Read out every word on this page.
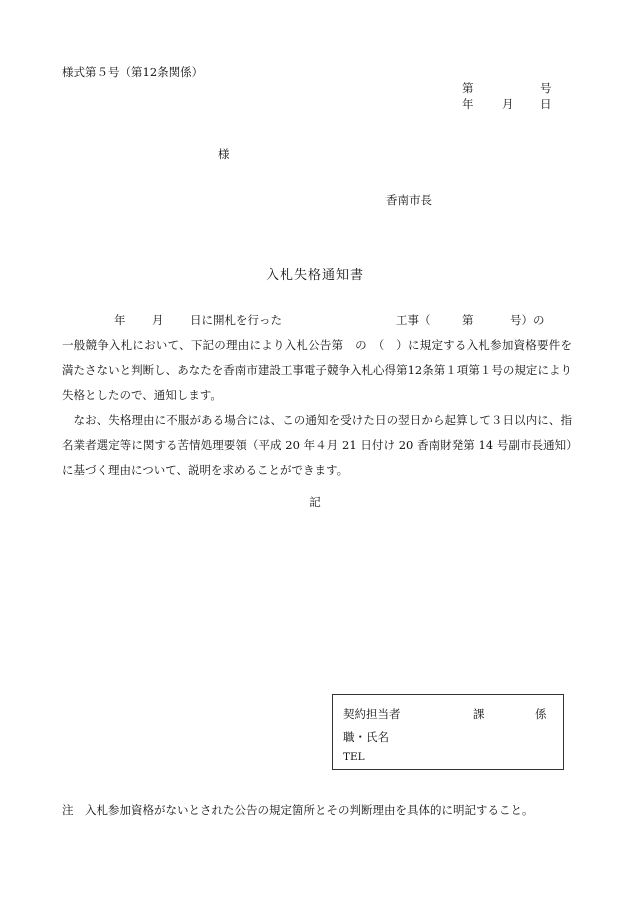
様式第５号（第12条関係）
第	号
年 月 日
様
香南市長
入札失格通知書
年 月 日に開札を行った	工事（	第	号）の

一般競争入札において、下記の理由により入札公告第　の　（　）に規定する入札参加資格要件を満たさないと判断し、あなたを香南市建設工事電子競争入札心得第12条第１項第１号の規定により失格としたので、通知します。

なお、失格理由に不服がある場合には、この通知を受けた日の翌日から起算して３日以内に、指名業者選定等に関する苦情処理要領（平成 20 年４月 21 日付け 20 香南財発第 14 号副市長通知）に基づく理由について、説明を求めることができます。

記
契約担当者	課	係
職・氏名
TEL
注　入札参加資格がないとされた公告の規定箇所とその判断理由を具体的に明記すること。
